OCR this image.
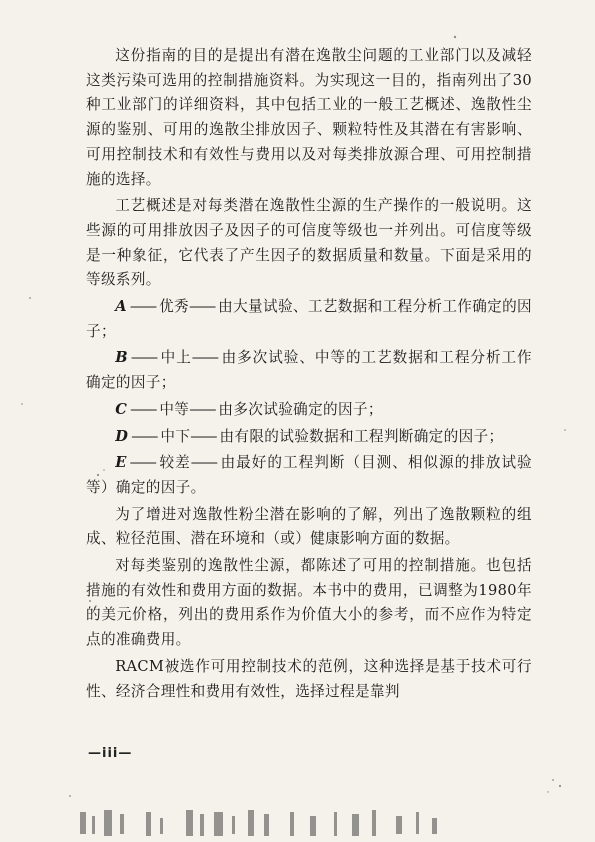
这份指南的目的是提出有潜在逸散尘问题的工业部门以及减轻这类污染可选用的控制措施资料。为实现这一目的，指南列出了30种工业部门的详细资料，其中包括工业的一般工艺概述、逸散性尘源的鉴别、可用的逸散尘排放因子、颗粒特性及其潜在有害影响、可用控制技术和有效性与费用以及对每类排放源合理、可用控制措施的选择。

工艺概述是对每类潜在逸散性尘源的生产操作的一般说明。这些源的可用排放因子及因子的可信度等级也一并列出。可信度等级是一种象征，它代表了产生因子的数据质量和数量。下面是采用的等级系列。

A —— 优秀—— 由大量试验、工艺数据和工程分析工作确定的因子；

B —— 中上—— 由多次试验、中等的工艺数据和工程分析工作确定的因子；

C —— 中等—— 由多次试验确定的因子；

D —— 中下—— 由有限的试验数据和工程判断确定的因子；

E —— 较差—— 由最好的工程判断（目测、相似源的排放试验等）确定的因子。

为了增进对逸散性粉尘潜在影响的了解，列出了逸散颗粒的组成、粒径范围、潜在环境和（或）健康影响方面的数据。

对每类鉴别的逸散性尘源，都陈述了可用的控制措施。也包括措施的有效性和费用方面的数据。本书中的费用，已调整为1980年的美元价格，列出的费用系作为价值大小的参考，而不应作为特定点的准确费用。

RACM被选作可用控制技术的范例，这种选择是基于技术可行性、经济合理性和费用有效性，选择过程是靠判

—iii—
